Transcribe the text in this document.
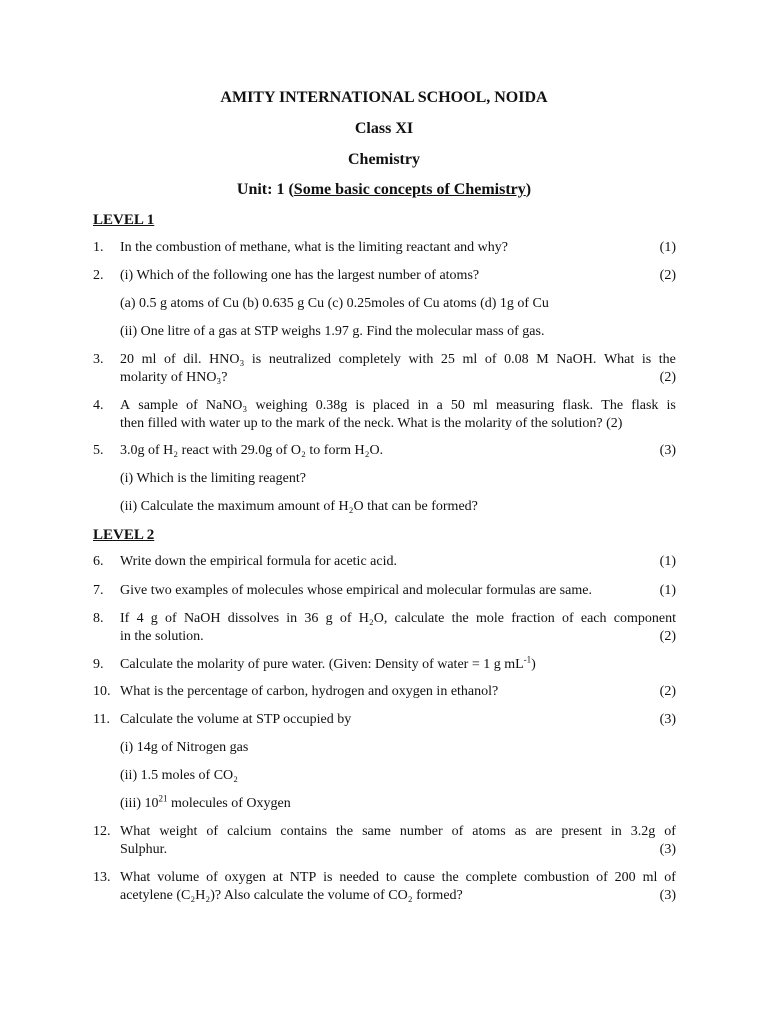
AMITY INTERNATIONAL SCHOOL, NOIDA
Class XI
Chemistry
Unit: 1 (Some basic concepts of Chemistry)
LEVEL 1
1. In the combustion of methane, what is the limiting reactant and why?	(1)
2. (i) Which of the following one has the largest number of atoms?	(2)
(a) 0.5 g atoms of Cu (b) 0.635 g Cu (c) 0.25moles of Cu atoms (d) 1g of Cu
(ii) One litre of a gas at STP weighs 1.97 g. Find the molecular mass of gas.
3. 20 ml of dil. HNO₃ is neutralized completely with 25 ml of 0.08 M NaOH. What is the
molarity of HNO₃?	(2)
4. A sample of NaNO₃ weighing 0.38g is placed in a 50 ml measuring flask. The flask is
then filled with water up to the mark of the neck. What is the molarity of the solution? (2)
5. 3.0g of H₂ react with 29.0g of O₂ to form H₂O.	(3)
(i) Which is the limiting reagent?
(ii) Calculate the maximum amount of H₂O that can be formed?
LEVEL 2
6. Write down the empirical formula for acetic acid.	(1)
7. Give two examples of molecules whose empirical and molecular formulas are same.	(1)
8. If 4 g of NaOH dissolves in 36 g of H₂O, calculate the mole fraction of each component
in the solution.	(2)
9. Calculate the molarity of pure water. (Given: Density of water = 1 g $mL^{-1}$)
10. What is the percentage of carbon, hydrogen and oxygen in ethanol?	(2)
11. Calculate the volume at STP occupied by	(3)
(i) 14g of Nitrogen gas
(ii) 1.5 moles of CO₂
(iii) $10^{21}$ molecules of Oxygen
12. What weight of calcium contains the same number of atoms as are present in 3.2g of
Sulphur.	(3)
13. What volume of oxygen at NTP is needed to cause the complete combustion of 200 ml of
acetylene (C₂H₂)? Also calculate the volume of CO₂ formed?	(3)
